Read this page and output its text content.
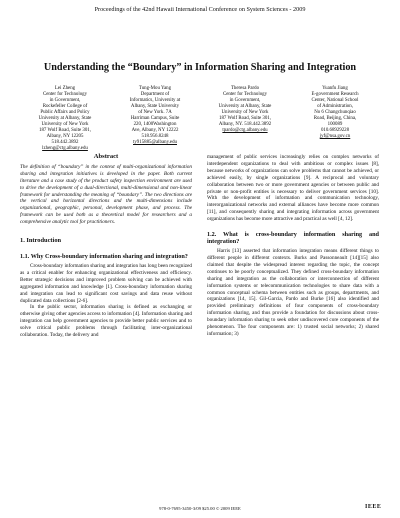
Proceedings of the 42nd Hawaii International Conference on System Sciences - 2009
Understanding the “Boundary” in Information Sharing and Integration
Lei Zheng
Center for Technology
in Government,
Rockefeller College of
Public Affairs and Policy
University at Albany, State
University of New York
187 Wolf Road, Suite 301,
Albany, NY 12205
518.442.3892
lzheng@ctg.albany.edu
Tung-Mou Yang
Department of
Informatics, University at
Albany, State University
of New York. 7A
Harriman Campus, Suite
220, 1400Washington
Ave, Albany, NY 12222
518.956.8248
ty915885@albany.edu
Theresa Pardo
Center for Technology
in Government,
University at Albany, State
University of New York
187 Wolf Road, Suite 301,
Albany, NY. 518.442.3892
tpardo@ctg.albany.edu
Yuanfu Jiang
E-government Research
Center, National School
of Administration,
No 6 Changchunqiao
Road, Beijing, China,
100089
010.68929228
jyf@nsa.gov.cn
Abstract

The definition of “boundary” in the context of multi-organizational information sharing and integration initiatives is developed in the paper. Both current literature and a case study of the product safety inspection environment are used to drive the development of a dual-directional, multi-dimensional and non-linear framework for understanding the meaning of “boundary”. The two directions are the vertical and horizontal directions and the multi-dimensions include organizational, geographic, personal, development phase, and process. The framework can be used both as a theoretical model for researchers and a comprehensive analytic tool for practitioners.

1. Introduction
1.1. Why Cross-boundary information sharing and integration?

Cross-boundary information sharing and integration has long been recognized as a critical enabler for enhancing organizational effectiveness and efficiency. Better strategic decisions and improved problem solving can be achieved with aggregated information and knowledge [1]. Cross-boundary information sharing and integration can lead to significant cost savings and data reuse without duplicated data collections [2-6].

In the public sector, information sharing is defined as exchanging or otherwise giving other agencies access to information [4]. Information sharing and integration can help government agencies to provide better public services and to solve critical public problems through facilitating inter-organizational collaboration. Today, the delivery and

management of public services increasingly relies on complex networks of interdependent organizations to deal with ambitious or complex issues [8], because networks of organizations can solve problems that cannot be achieved, or achieved easily, by single organizations [9]. A reciprocal and voluntary collaboration between two or more government agencies or between public and private or non-profit entities is necessary to deliver government services [10]. With the development of information and communication technology, interorganizational networks and external alliances have become more common [11], and consequently sharing and integrating information across government organizations has become more attractive and practical as well [4, 12].

1.2. What is cross-boundary information sharing and integration?

Harris [13] asserted that information integration means different things to different people in different contexts. Burks and Passonneault [14][15] also claimed that despite the widespread interest regarding the topic, the concept continues to be poorly conceptualized. They defined cross-boundary information sharing and integration as the collaboration or interconnection of different information systems or telecommunication technologies to share data with a common conceptual schema between entities such as groups, departments, and organizations [14, 15]. Gil-Garcia, Pardo and Burke [16] also identified and provided preliminary definitions of four components of cross-boundary information sharing, and thus provide a foundation for discussions about cross-boundary information sharing to seek other undiscovered core components of the phenomenon. The four components are: 1) trusted social networks; 2) shared information; 3)

978-0-7695-3450-3/09 $25.00 © 2009 IEEE	IEEE
